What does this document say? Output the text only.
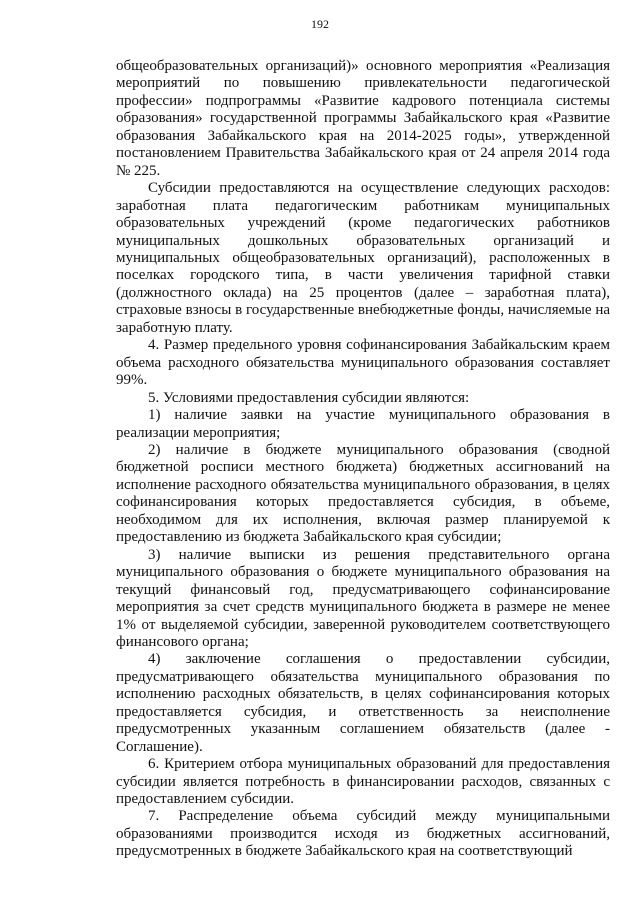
192

общеобразовательных организаций)» основного мероприятия «Реализация мероприятий по повышению привлекательности педагогической профессии» подпрограммы «Развитие кадрового потенциала системы образования» государственной программы Забайкальского края «Развитие образования Забайкальского края на 2014-2025 годы», утвержденной постановлением Правительства Забайкальского края от 24 апреля 2014 года № 225.

Субсидии предоставляются на осуществление следующих расходов: заработная плата педагогическим работникам муниципальных образовательных учреждений (кроме педагогических работников муниципальных дошкольных образовательных организаций и муниципальных общеобразовательных организаций), расположенных в поселках городского типа, в части увеличения тарифной ставки (должностного оклада) на 25 процентов (далее – заработная плата), страховые взносы в государственные внебюджетные фонды, начисляемые на заработную плату.

4. Размер предельного уровня софинансирования Забайкальским краем объема расходного обязательства муниципального образования составляет 99%.

5. Условиями предоставления субсидии являются:

1) наличие заявки на участие муниципального образования в реализации мероприятия;

2) наличие в бюджете муниципального образования (сводной бюджетной росписи местного бюджета) бюджетных ассигнований на исполнение расходного обязательства муниципального образования, в целях софинансирования которых предоставляется субсидия, в объеме, необходимом для их исполнения, включая размер планируемой к предоставлению из бюджета Забайкальского края субсидии;

3) наличие выписки из решения представительного органа муниципального образования о бюджете муниципального образования на текущий финансовый год, предусматривающего софинансирование мероприятия за счет средств муниципального бюджета в размере не менее 1% от выделяемой субсидии, заверенной руководителем соответствующего финансового органа;

4) заключение соглашения о предоставлении субсидии, предусматривающего обязательства муниципального образования по исполнению расходных обязательств, в целях софинансирования которых предоставляется субсидия, и ответственность за неисполнение предусмотренных указанным соглашением обязательств (далее - Соглашение).

6. Критерием отбора муниципальных образований для предоставления субсидии является потребность в финансировании расходов, связанных с предоставлением субсидии.

7. Распределение объема субсидий между муниципальными образованиями производится исходя из бюджетных ассигнований, предусмотренных в бюджете Забайкальского края на соответствующий
